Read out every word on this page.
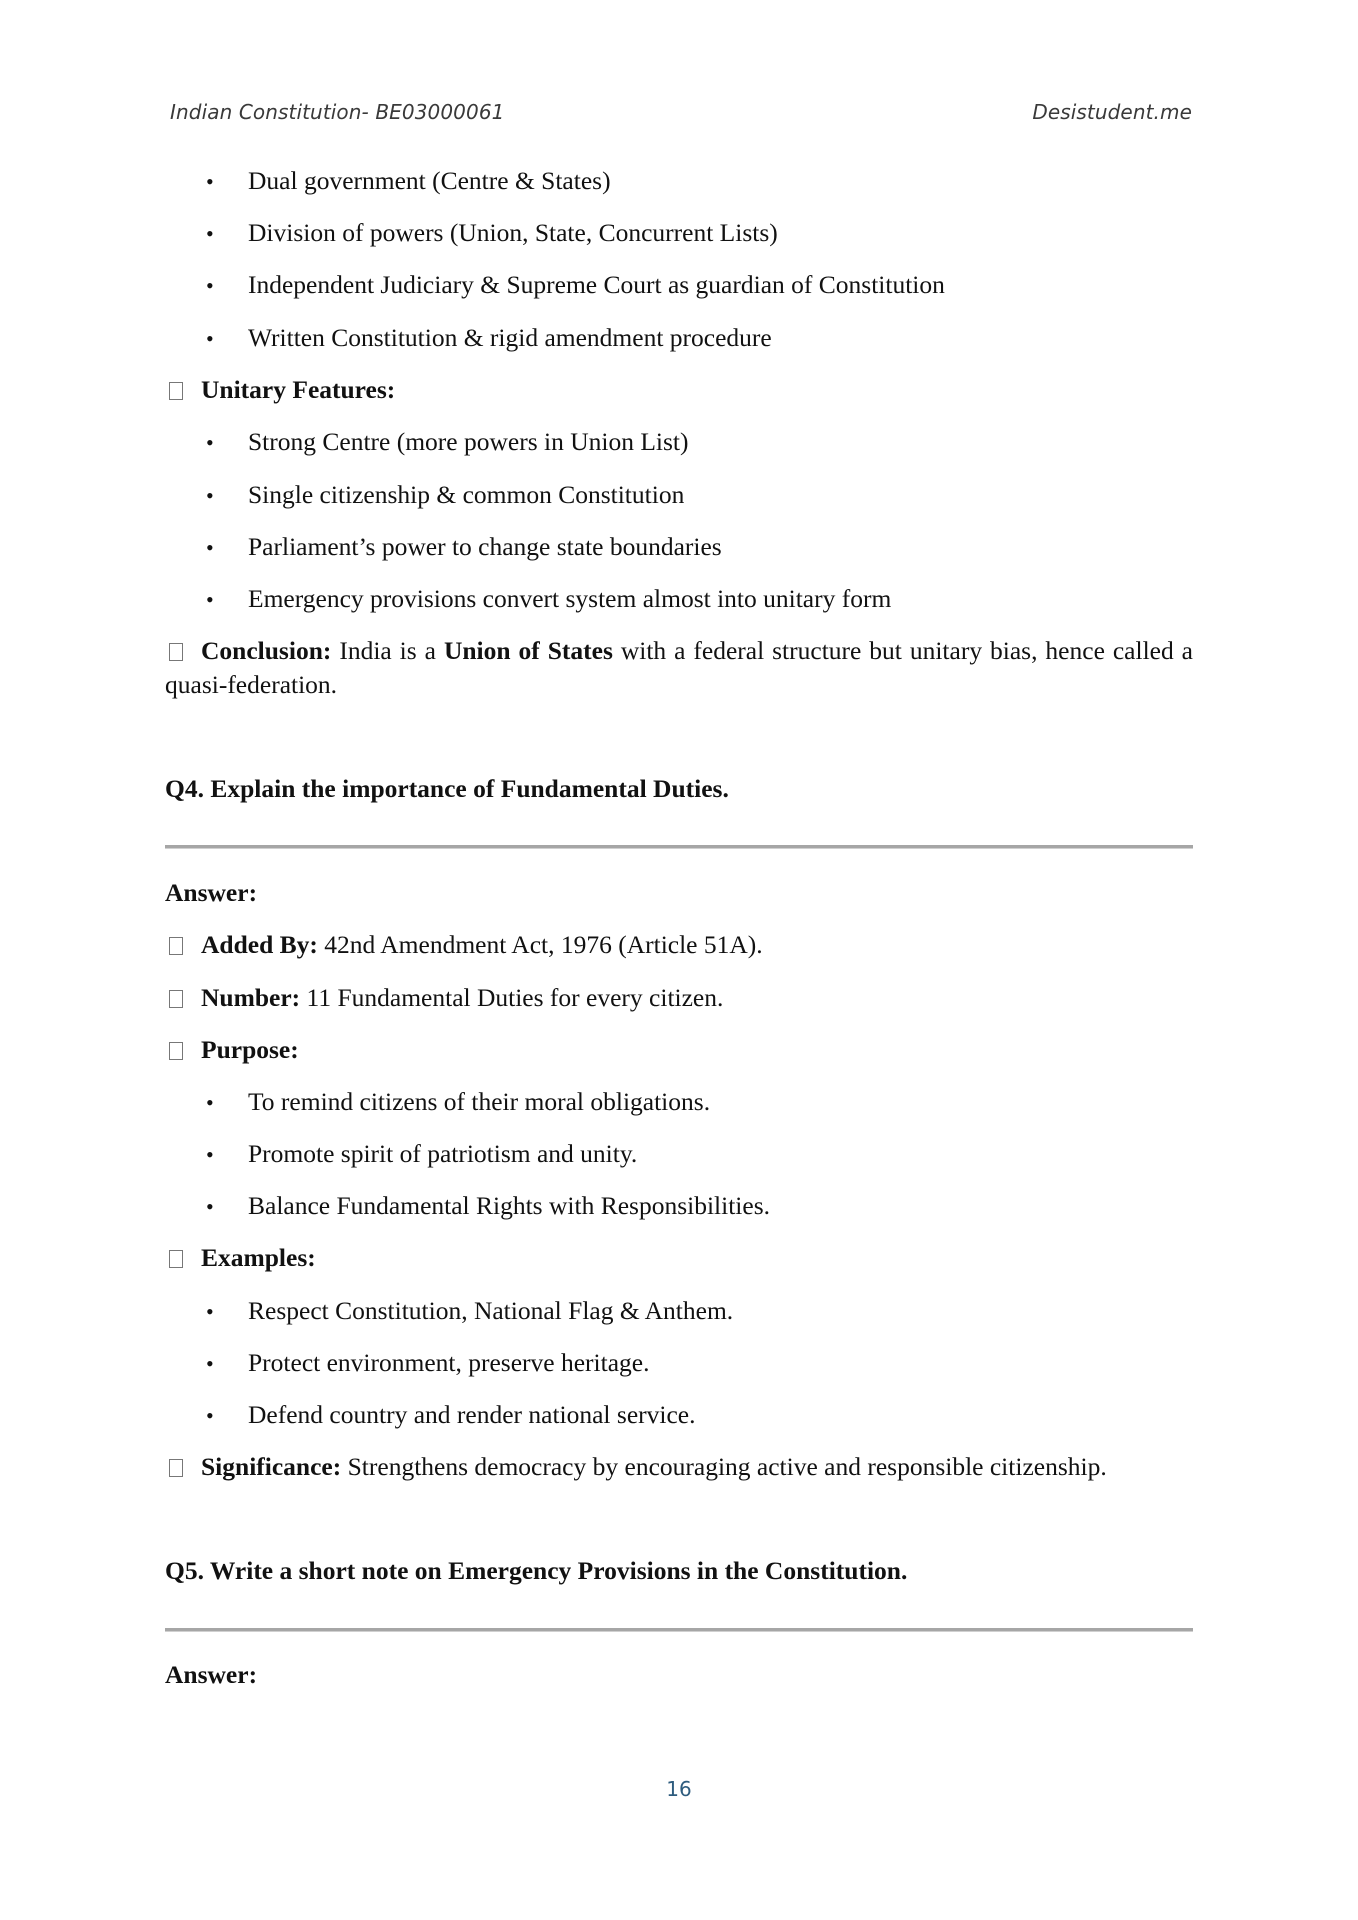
Indian Constitution- BE03000061	Desistudent.me
• Dual government (Centre & States)
• Division of powers (Union, State, Concurrent Lists)
• Independent Judiciary & Supreme Court as guardian of Constitution
• Written Constitution & rigid amendment procedure
Unitary Features:
• Strong Centre (more powers in Union List)
• Single citizenship & common Constitution
• Parliament’s power to change state boundaries
• Emergency provisions convert system almost into unitary form
Conclusion: India is a Union of States with a federal structure but unitary bias, hence called a quasi-federation.
Q4. Explain the importance of Fundamental Duties.
Answer:
Added By: 42nd Amendment Act, 1976 (Article 51A).
Number: 11 Fundamental Duties for every citizen.
Purpose:
• To remind citizens of their moral obligations.
• Promote spirit of patriotism and unity.
• Balance Fundamental Rights with Responsibilities.
Examples:
• Respect Constitution, National Flag & Anthem.
• Protect environment, preserve heritage.
• Defend country and render national service.
Significance: Strengthens democracy by encouraging active and responsible citizenship.
Q5. Write a short note on Emergency Provisions in the Constitution.
Answer:
16
